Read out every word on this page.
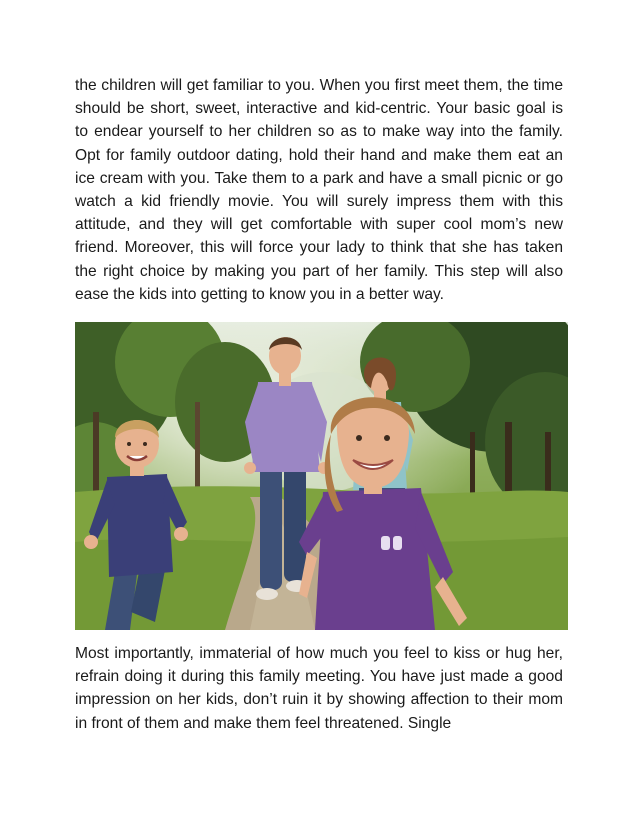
the children will get familiar to you. When you first meet them, the time should be short, sweet, interactive and kid-centric. Your basic goal is to endear yourself to her children so as to make way into the family. Opt for family outdoor dating, hold their hand and make them eat an ice cream with you. Take them to a park and have a small picnic or go watch a kid friendly movie. You will surely impress them with this attitude, and they will get comfortable with super cool mom’s new friend. Moreover, this will force your lady to think that she has taken the right choice by making you part of her family. This step will also ease the kids into getting to know you in a better way.

Most importantly, immaterial of how much you feel to kiss or hug her, refrain doing it during this family meeting. You have just made a good impression on her kids, don’t ruin it by showing affection to their mom in front of them and make them feel threatened. Single
